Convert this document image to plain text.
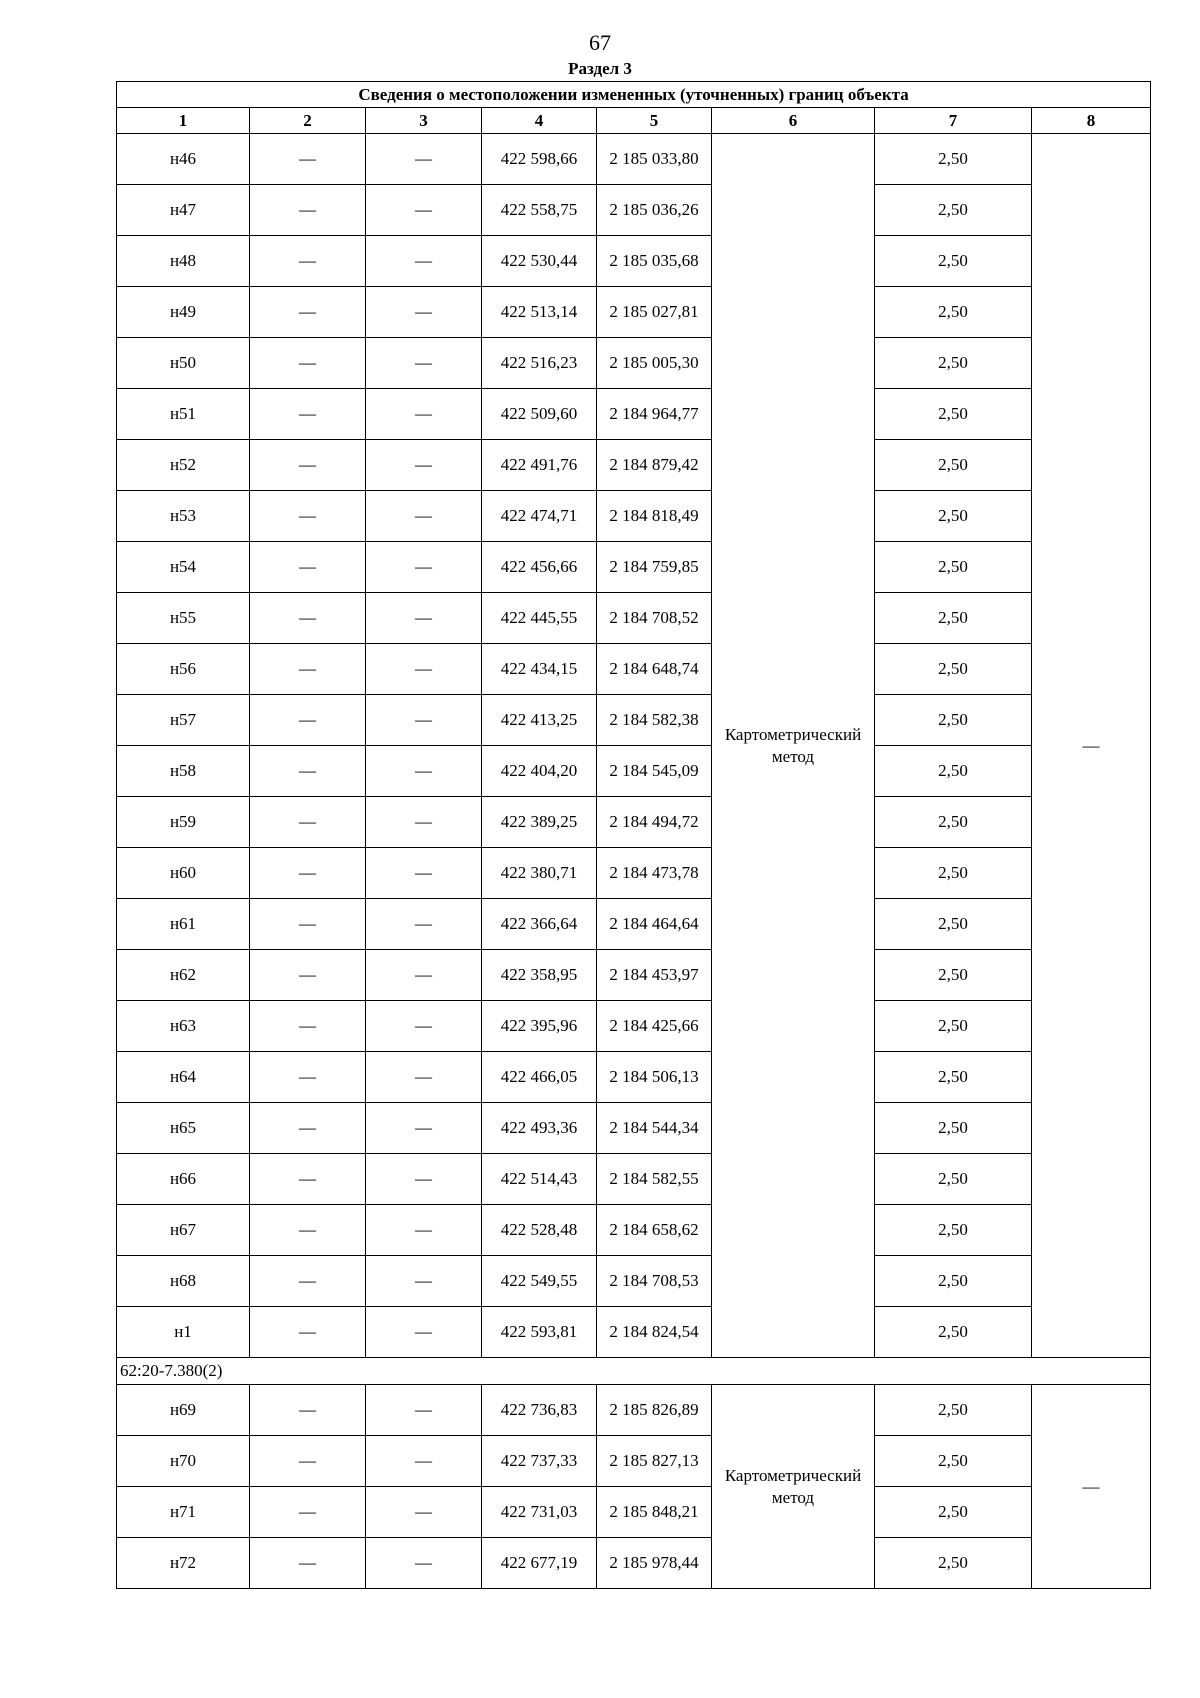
67
Раздел 3
Сведения о местоположении измененных (уточненных) границ объекта							
1	2	3	4	5	6	7	8
н46	—	—	422 598,66	2 185 033,80	Картометрический метод	2,50	—
н47	—	—	422 558,75	2 185 036,26		2,50	
н48	—	—	422 530,44	2 185 035,68		2,50	
н49	—	—	422 513,14	2 185 027,81		2,50	
н50	—	—	422 516,23	2 185 005,30		2,50	
н51	—	—	422 509,60	2 184 964,77		2,50	
н52	—	—	422 491,76	2 184 879,42		2,50	
н53	—	—	422 474,71	2 184 818,49		2,50	
н54	—	—	422 456,66	2 184 759,85		2,50	
н55	—	—	422 445,55	2 184 708,52		2,50	
н56	—	—	422 434,15	2 184 648,74		2,50	
н57	—	—	422 413,25	2 184 582,38		2,50	
н58	—	—	422 404,20	2 184 545,09		2,50	
н59	—	—	422 389,25	2 184 494,72		2,50	
н60	—	—	422 380,71	2 184 473,78		2,50	
н61	—	—	422 366,64	2 184 464,64		2,50	
н62	—	—	422 358,95	2 184 453,97		2,50	
н63	—	—	422 395,96	2 184 425,66		2,50	
н64	—	—	422 466,05	2 184 506,13		2,50	
н65	—	—	422 493,36	2 184 544,34		2,50	
н66	—	—	422 514,43	2 184 582,55		2,50	
н67	—	—	422 528,48	2 184 658,62		2,50	
н68	—	—	422 549,55	2 184 708,53		2,50	
н1	—	—	422 593,81	2 184 824,54		2,50	
62:20-7.380(2)							
н69	—	—	422 736,83	2 185 826,89	Картометрический метод	2,50	—
н70	—	—	422 737,33	2 185 827,13		2,50	
н71	—	—	422 731,03	2 185 848,21		2,50	
н72	—	—	422 677,19	2 185 978,44		2,50	
